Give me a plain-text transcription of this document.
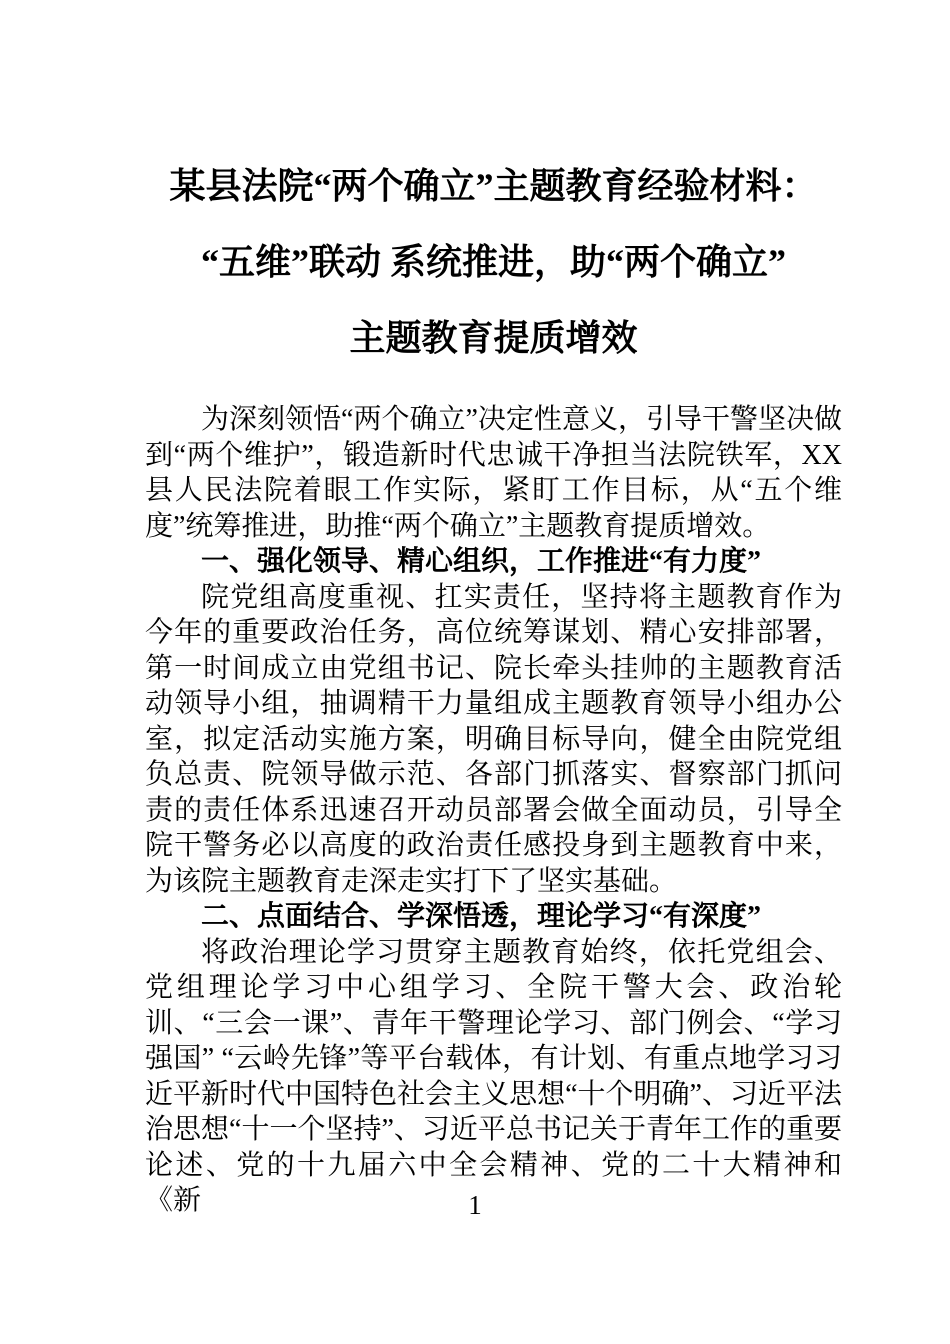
某县法院“两个确立”主题教育经验材料：
“五维”联动 系统推进，助“两个确立”
主题教育提质增效

为深刻领悟“两个确立”决定性意义，引导干警坚决做到“两个维护”，锻造新时代忠诚干净担当法院铁军，XX县人民法院着眼工作实际，紧盯工作目标，从“五个维度”统筹推进，助推“两个确立”主题教育提质增效。

一、强化领导、精心组织，工作推进“有力度”

院党组高度重视、扛实责任，坚持将主题教育作为今年的重要政治任务，高位统筹谋划、精心安排部署，第一时间成立由党组书记、院长牵头挂帅的主题教育活动领导小组，抽调精干力量组成主题教育领导小组办公室，拟定活动实施方案，明确目标导向，健全由院党组负总责、院领导做示范、各部门抓落实、督察部门抓问责的责任体系迅速召开动员部署会做全面动员，引导全院干警务必以高度的政治责任感投身到主题教育中来，为该院主题教育走深走实打下了坚实基础。

二、点面结合、学深悟透，理论学习“有深度”

将政治理论学习贯穿主题教育始终，依托党组会、党组理论学习中心组学习、全院干警大会、政治轮训、“三会一课”、青年干警理论学习、部门例会、“学习强国” “云岭先锋”等平台载体，有计划、有重点地学习习近平新时代中国特色社会主义思想“十个明确”、习近平法治思想“十一个坚持”、习近平总书记关于青年工作的重要论述、党的十九届六中全会精神、党的二十大精神和《新	1
